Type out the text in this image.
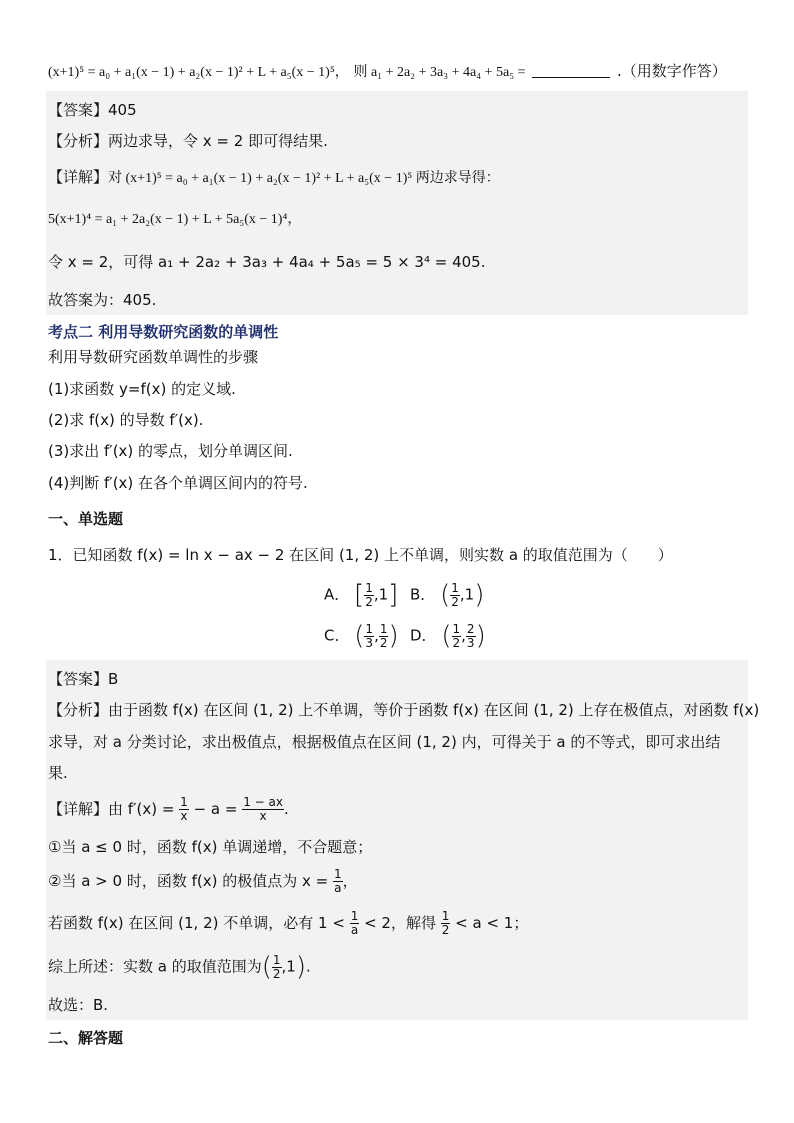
(x+1)⁵ = a₀ + a₁(x − 1) + a₂(x − 1)² + L + a₅(x − 1)⁵， 则 a₁ + 2a₂ + 3a₃ + 4a₄ + 5a₅ =	.（用数字作答）
【答案】405
【分析】两边求导，令 x = 2 即可得结果.
【详解】对 (x+1)⁵ = a₀ + a₁(x − 1) + a₂(x − 1)² + L + a₅(x − 1)⁵ 两边求导得：
5(x+1)⁴ = a₁ + 2a₂(x − 1) + L + 5a₅(x − 1)⁴，
令 x = 2，可得 a₁ + 2a₂ + 3a₃ + 4a₄ + 5a₅ = 5 × 3⁴ = 405.
故答案为：405.
考点二 利用导数研究函数的单调性
利用导数研究函数单调性的步骤
(1)求函数 y=f(x) 的定义域.
(2)求 f(x) 的导数 f′(x).
(3)求出 f′(x) 的零点，划分单调区间.
(4)判断 f′(x) 在各个单调区间内的符号.
一、单选题
1．已知函数 f(x) = ln x − ax − 2 在区间 (1, 2) 上不单调，则实数 a 的取值范围为（　　）
A． [ $\frac{1}{2} ,1$] B． ( $\frac{1}{2} ,1$)
C． ( $\frac{1}{3}$ , $\frac{1}{2}$ ) D． ( $\frac{1}{2}$ , $\frac{2}{3}$ )
【答案】B
【分析】由于函数 f(x) 在区间 (1, 2) 上不单调，等价于函数 f(x) 在区间 (1, 2) 上存在极值点，对函数 f(x)
求导，对 a 分类讨论，求出极值点，根据极值点在区间 (1, 2) 内，可得关于 a 的不等式，即可求出结
果.
【详解】由 $f'(x) = \frac{1}{x} - a = \frac{1 - ax}{x}$ .
①当 a ≤ 0 时，函数 f(x) 单调递增，不合题意；
②当 a > 0 时，函数 f(x) 的极值点为 $x = \frac{1}{a}$ ，
若函数 f(x) 在区间 (1, 2) 不单调，必有 $1 < \frac{1}{a} < 2$，解得 $\frac{1}{2} < a < 1$；
综上所述：实数 a 的取值范围为( $\frac{1}{2} ,1$).
故选：B.
二、解答题
